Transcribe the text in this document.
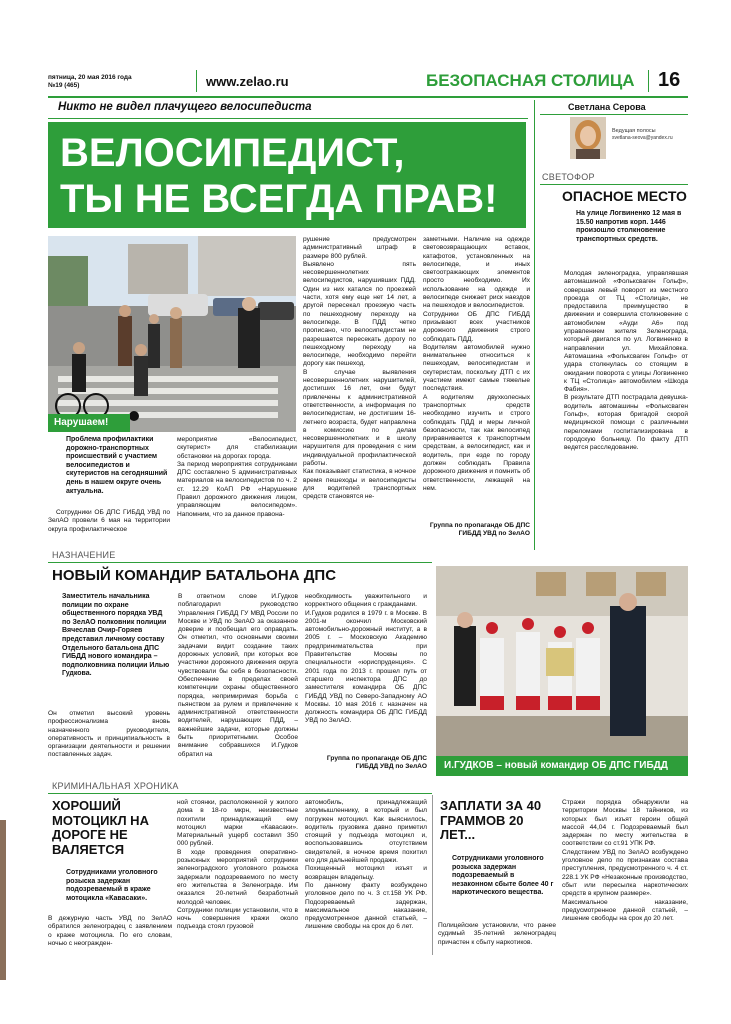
пятница, 20 мая 2016 года
№19 (465)	www.zelao.ru	БЕЗОПАСНАЯ СТОЛИЦА 16
Никто не видел плачущего велосипедиста
ВЕЛОСИПЕДИСТ,
ТЫ НЕ ВСЕГДА ПРАВ!
Нарушаем!
Проблема профилактики дорожно-транспортных происшествий с участием велосипедистов и скутеристов на сегодняшний день в нашем округе очень актуальна.
Сотрудники ОБ ДПС ГИБДД УВД по ЗелАО провели 6 мая на территории округа профилактическое
мероприятие «Велосипедист, скутерист» для стабилизации обстановки на дорогах города.
За период мероприятия сотрудниками ДПС составлено 5 административных материалов на велосипедистов по ч. 2 ст. 12.29 КоАП РФ «Нарушение Правил дорожного движения лицом, управляющим велосипедом». Напомним, что за данное правона-
рушение предусмотрен административный штраф в размере 800 рублей.
Выявлено пять несовершеннолетних велосипедистов, нарушивших ПДД. Один из них катался по проезжей части, хотя ему еще нет 14 лет, а другой пересекал проезжую часть по пешеходному переходу на велосипеде. В ПДД четко прописано, что велосипедистам не разрешается пересекать дорогу по пешеходному переходу на велосипеде, необходимо перейти дорогу как пешеход.
В случае выявления несовершеннолетних нарушителей, достигших 16 лет, они будут привлечены к административной ответственности, а информация по велосипедистам, не достигшим 16-летнего возраста, будет направлена в комиссию по делам несовершеннолетних и в школу нарушителя для проведения с ним индивидуальной профилактической работы.
Как показывает статистика, в ночное время пешеходы и велосипедисты для водителей транспортных средств становятся не-
заметными. Наличие на одежде световозвращающих вставок, катафотов, установленных на велосипеде, и иных светоотражающих элементов просто необходимо. Их использование на одежде и велосипеде снижает риск наездов на пешеходов и велосипедистов.
Сотрудники ОБ ДПС ГИБДД призывают всех участников дорожного движения строго соблюдать ПДД.
Водителям автомобилей нужно внимательнее относиться к пешеходам, велосипедистам и скутеристам, поскольку ДТП с их участием имеют самые тяжелые последствия.
А водителям двухколесных транспортных средств необходимо изучить и строго соблюдать ПДД и меры личной безопасности, так как велосипед приравнивается к транспортным средствам, а велосипедист, как и водитель, при езде по городу должен соблюдать Правила дорожного движения и помнить об ответственности, лежащей на нем.
Группа по пропаганде ОБ ДПС ГИБДД УВД по ЗелАО
Светлана Серова
Ведущая полосы
svetlana-seova@yandex.ru
СВЕТОФОР
ОПАСНОЕ МЕСТО
На улице Логвиненко 12 мая в 15.50 напротив корп. 1446 произошло столкновение транспортных средств.
Молодая зеленоградка, управлявшая автомашиной «Фольксваген Гольф», совершая левый поворот из местного проезда от ТЦ «Столица», не предоставила преимущество в движении и совершила столкновение с автомобилем «Ауди А6» под управлением жителя Зеленограда, который двигался по ул. Логвиненко в направлении ул. Михайловка. Автомашина «Фольксваген Гольф» от удара столкнулась со стоящим в ожидании поворота с улицы Логвиненко к ТЦ «Столица» автомобилем «Шкода Фабия».
В результате ДТП пострадала девушка-водитель автомашины «Фольксваген Гольф», которая бригадой скорой медицинской помощи с различными переломами госпитализирована в городскую больницу. По факту ДТП ведется расследование.
НАЗНАЧЕНИЕ
НОВЫЙ КОМАНДИР БАТАЛЬОНА ДПС
Заместитель начальника полиции по охране общественного порядка УВД по ЗелАО полковник полиции Вячеслав Очир-Горяев представил личному составу Отдельного батальона ДПС ГИБДД нового командира – подполковника полиции Илью Гудкова.
Он отметил высокий уровень профессионализма вновь назначенного руководителя, оперативность и принципиальность в организации деятельности и решении поставленных задач.
В ответном слове И.Гудков поблагодарил руководство Управления ГИБДД ГУ МВД России по Москве и УВД по ЗелАО за оказанное доверие и пообещал его оправдать. Он отметил, что основными своими задачами видит создание таких дорожных условий, при которых все участники дорожного движения округа чувствовали бы себя в безопасности. Обеспечение в пределах своей компетенции охраны общественного порядка, непримиримая борьба с пьянством за рулем и привлечение к административной ответственности водителей, нарушающих ПДД, – важнейшие задачи, которые должны быть приоритетными. Особое внимание собравшихся И.Гудков обратил на
необходимость уважительного и корректного общения с гражданами.
И.Гудков родился в 1979 г. в Москве. В 2001-м окончил Московский автомобильно-дорожный институт, а в 2005 г. – Московскую Академию предпринимательства при Правительстве Москвы по специальности «юриспруденция». С 2001 года по 2013 г. прошел путь от старшего инспектора ДПС до заместителя командира ОБ ДПС ГИБДД УВД по Северо-Западному АО Москвы. 10 мая 2016 г. назначен на должность командира ОБ ДПС ГИБДД УВД по ЗелАО.
Группа по пропаганде ОБ ДПС ГИБДД УВД по ЗелАО	И.ГУДКОВ – новый командир ОБ ДПС ГИБДД
КРИМИНАЛЬНАЯ ХРОНИКА
ХОРОШИЙ МОТОЦИКЛ НА ДОРОГЕ НЕ ВАЛЯЕТСЯ
Сотрудниками уголовного розыска задержан подозреваемый в краже мотоцикла «Кавасаки».
В дежурную часть УВД по ЗелАО обратился зеленоградец с заявлением о краже мотоцикла. По его словам, ночью с неогражден-
ной стоянки, расположенной у жилого дома в 18-го мкрн, неизвестные похитили принадлежащий ему мотоцикл марки «Кавасаки». Материальный ущерб составил 350 000 рублей.
В ходе проведения оперативно-розыскных мероприятий сотрудники зеленоградского уголовного розыска задержали подозреваемого по месту его жительства в Зеленограде. Им оказался 20-летний безработный молодой человек.
Сотрудники полиции установили, что в ночь совершения кражи около подъезда стоял грузовой
автомобиль, принадлежащий злоумышленнику, в который и был погружен мотоцикл. Как выяснилось, водитель грузовика давно приметил стоящий у подъезда мотоцикл и, воспользовавшись отсутствием свидетелей, в ночное время похитил его для дальнейшей продажи.
Похищенный мотоцикл изъят и возвращен владельцу.
По данному факту возбуждено уголовное дело по ч. 3 ст.158 УК РФ. Подозреваемый задержан, максимальное наказание, предусмотренное данной статьей, – лишение свободы на срок до 6 лет.
ЗАПЛАТИ ЗА 40 ГРАММОВ 20 ЛЕТ...
Сотрудниками уголовного розыска задержан подозреваемый в незаконном сбыте более 40 г наркотического вещества.
Полицейские установили, что ранее судимый 35-летний зеленоградец причастен к сбыту наркотиков.
Стражи порядка обнаружили на территории Москвы 18 тайников, из которых был изъят героин общей массой 44,04 г. Подозреваемый был задержан по месту жительства в соответствии со ст.91 УПК РФ.
Следствием УВД по ЗелАО возбуждено уголовное дело по признакам состава преступления, предусмотренного ч. 4 ст. 228.1 УК РФ «Незаконные производство, сбыт или пересылка наркотических средств в крупном размере».
Максимальное наказание, предусмотренное данной статьей, – лишение свободы на срок до 20 лет.
